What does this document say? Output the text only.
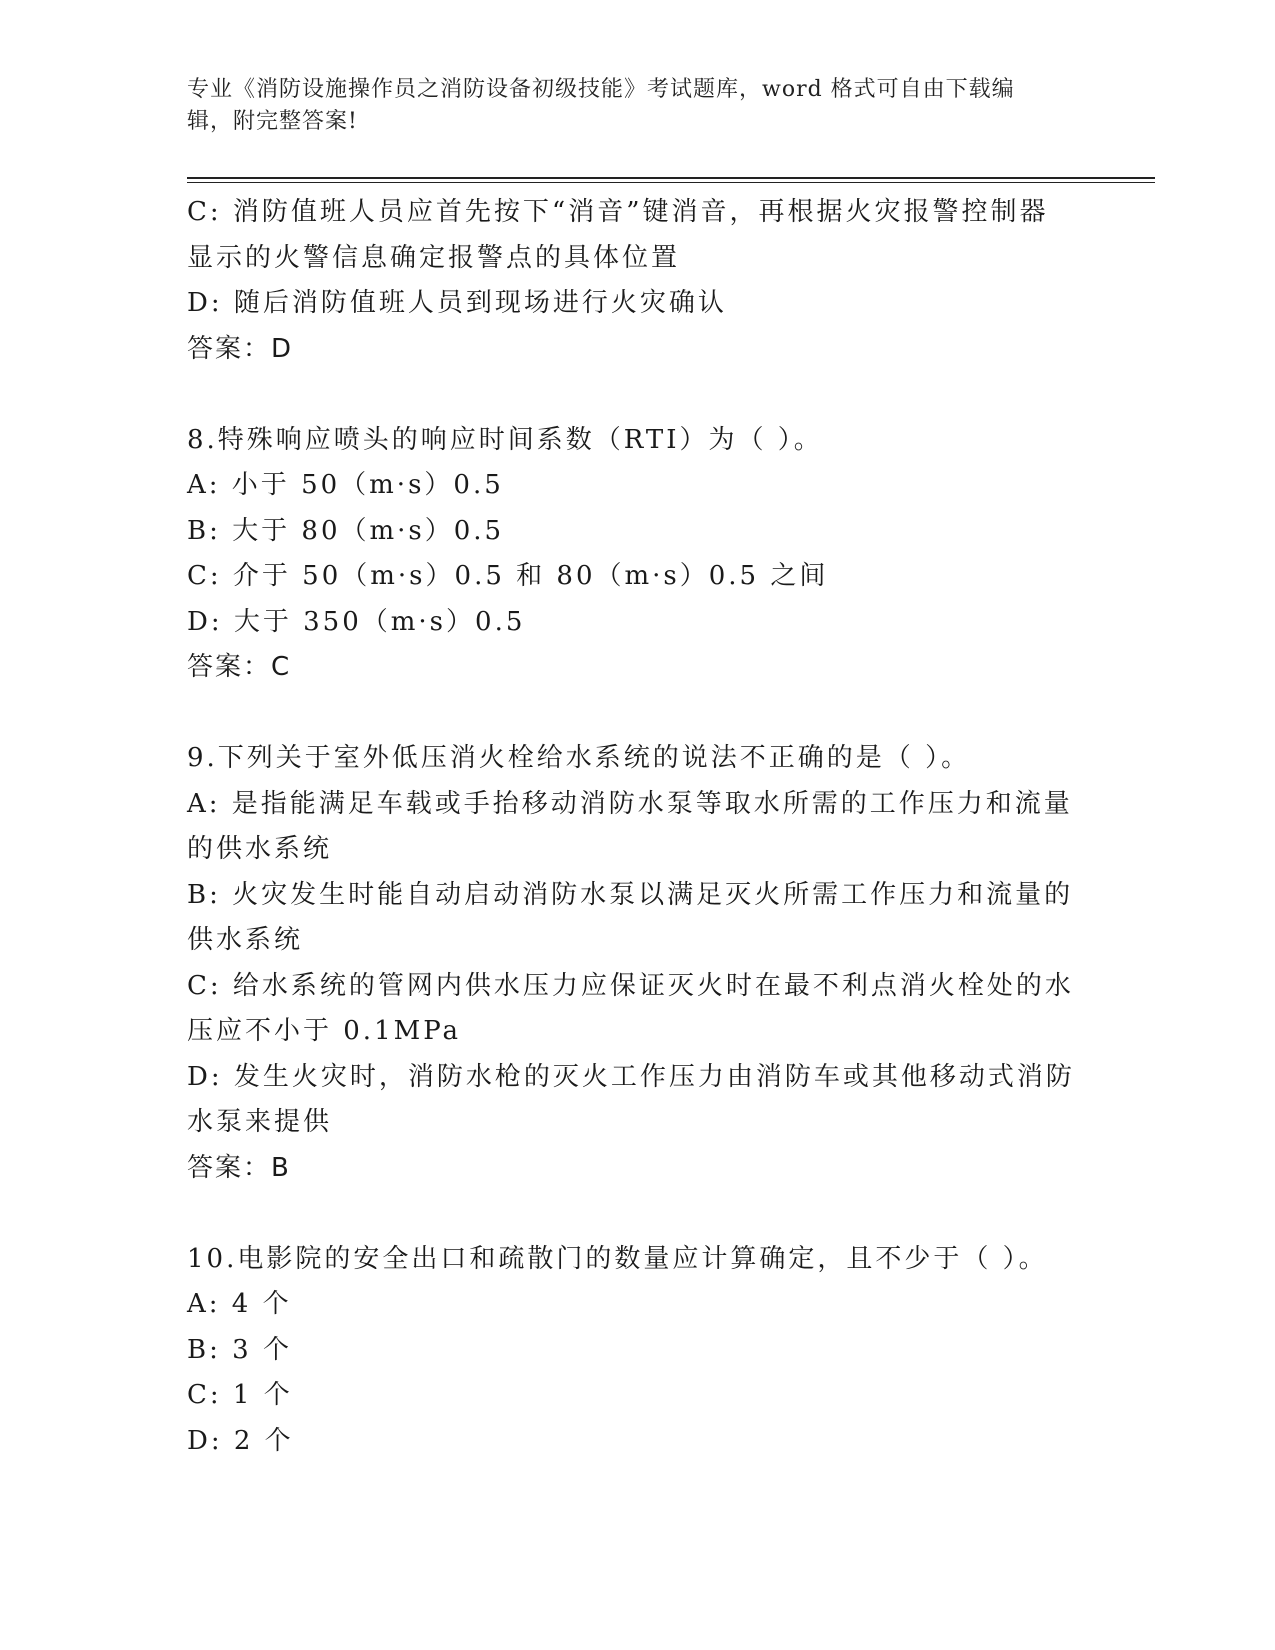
专业《消防设施操作员之消防设备初级技能》考试题库，word 格式可自由下载编
辑，附完整答案!
C: 消防值班人员应首先按下“消音”键消音，再根据火灾报警控制器
显示的火警信息确定报警点的具体位置
D: 随后消防值班人员到现场进行火灾确认
答案：D
8.特殊响应喷头的响应时间系数（RTI）为（ ）。
A: 小于 50（m·s）0.5
B: 大于 80（m·s）0.5
C: 介于 50（m·s）0.5 和 80（m·s）0.5 之间
D: 大于 350（m·s）0.5
答案：C
9.下列关于室外低压消火栓给水系统的说法不正确的是（ ）。
A: 是指能满足车载或手抬移动消防水泵等取水所需的工作压力和流量
的供水系统
B: 火灾发生时能自动启动消防水泵以满足灭火所需工作压力和流量的
供水系统
C: 给水系统的管网内供水压力应保证灭火时在最不利点消火栓处的水
压应不小于 0.1MPa
D: 发生火灾时，消防水枪的灭火工作压力由消防车或其他移动式消防
水泵来提供
答案：B
10.电影院的安全出口和疏散门的数量应计算确定，且不少于（ ）。
A: 4 个
B: 3 个
C: 1 个
D: 2 个
